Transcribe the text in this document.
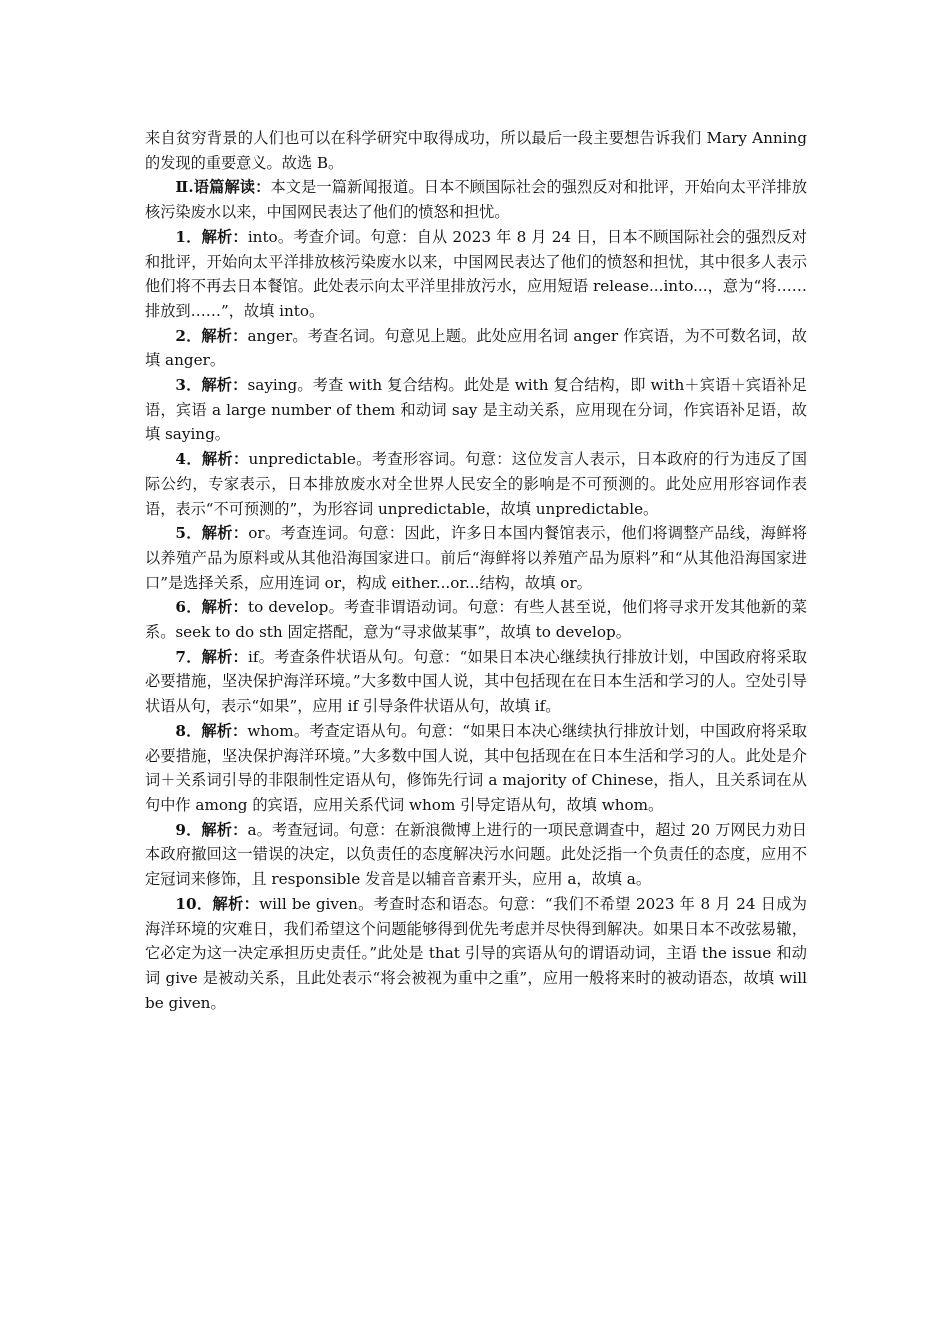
来自贫穷背景的人们也可以在科学研究中取得成功，所以最后一段主要想告诉我们 Mary Anning 的发现的重要意义。故选 B。

Ⅱ.语篇解读：本文是一篇新闻报道。日本不顾国际社会的强烈反对和批评，开始向太平洋排放核污染废水以来，中国网民表达了他们的愤怒和担忧。

1．解析：into。考查介词。句意：自从 2023 年 8 月 24 日，日本不顾国际社会的强烈反对和批评，开始向太平洋排放核污染废水以来，中国网民表达了他们的愤怒和担忧，其中很多人表示他们将不再去日本餐馆。此处表示向太平洋里排放污水，应用短语 release...into...，意为“将……排放到……”，故填 into。

2．解析：anger。考查名词。句意见上题。此处应用名词 anger 作宾语，为不可数名词，故填 anger。

3．解析：saying。考查 with 复合结构。此处是 with 复合结构，即 with＋宾语＋宾语补足语，宾语 a large number of them 和动词 say 是主动关系，应用现在分词，作宾语补足语，故填 saying。

4．解析：unpredictable。考查形容词。句意：这位发言人表示，日本政府的行为违反了国际公约，专家表示，日本排放废水对全世界人民安全的影响是不可预测的。此处应用形容词作表语，表示“不可预测的”，为形容词 unpredictable，故填 unpredictable。

5．解析：or。考查连词。句意：因此，许多日本国内餐馆表示，他们将调整产品线，海鲜将以养殖产品为原料或从其他沿海国家进口。前后“海鲜将以养殖产品为原料”和“从其他沿海国家进口”是选择关系，应用连词 or，构成 either...or...结构，故填 or。

6．解析：to develop。考查非谓语动词。句意：有些人甚至说，他们将寻求开发其他新的菜系。seek to do sth 固定搭配，意为“寻求做某事”，故填 to develop。

7．解析：if。考查条件状语从句。句意：“如果日本决心继续执行排放计划，中国政府将采取必要措施，坚决保护海洋环境。”大多数中国人说，其中包括现在在日本生活和学习的人。空处引导状语从句，表示“如果”，应用 if 引导条件状语从句，故填 if。

8．解析：whom。考查定语从句。句意：“如果日本决心继续执行排放计划，中国政府将采取必要措施，坚决保护海洋环境。”大多数中国人说，其中包括现在在日本生活和学习的人。此处是介词＋关系词引导的非限制性定语从句，修饰先行词 a majority of Chinese，指人，且关系词在从句中作 among 的宾语，应用关系代词 whom 引导定语从句，故填 whom。

9．解析：a。考查冠词。句意：在新浪微博上进行的一项民意调查中，超过 20 万网民力劝日本政府撤回这一错误的决定，以负责任的态度解决污水问题。此处泛指一个负责任的态度，应用不定冠词来修饰，且 responsible 发音是以辅音音素开头，应用 a，故填 a。

10．解析：will be given。考查时态和语态。句意：“我们不希望 2023 年 8 月 24 日成为海洋环境的灾难日，我们希望这个问题能够得到优先考虑并尽快得到解决。如果日本不改弦易辙，它必定为这一决定承担历史责任。”此处是 that 引导的宾语从句的谓语动词，主语 the issue 和动词 give 是被动关系，且此处表示“将会被视为重中之重”，应用一般将来时的被动语态，故填 will be given。
